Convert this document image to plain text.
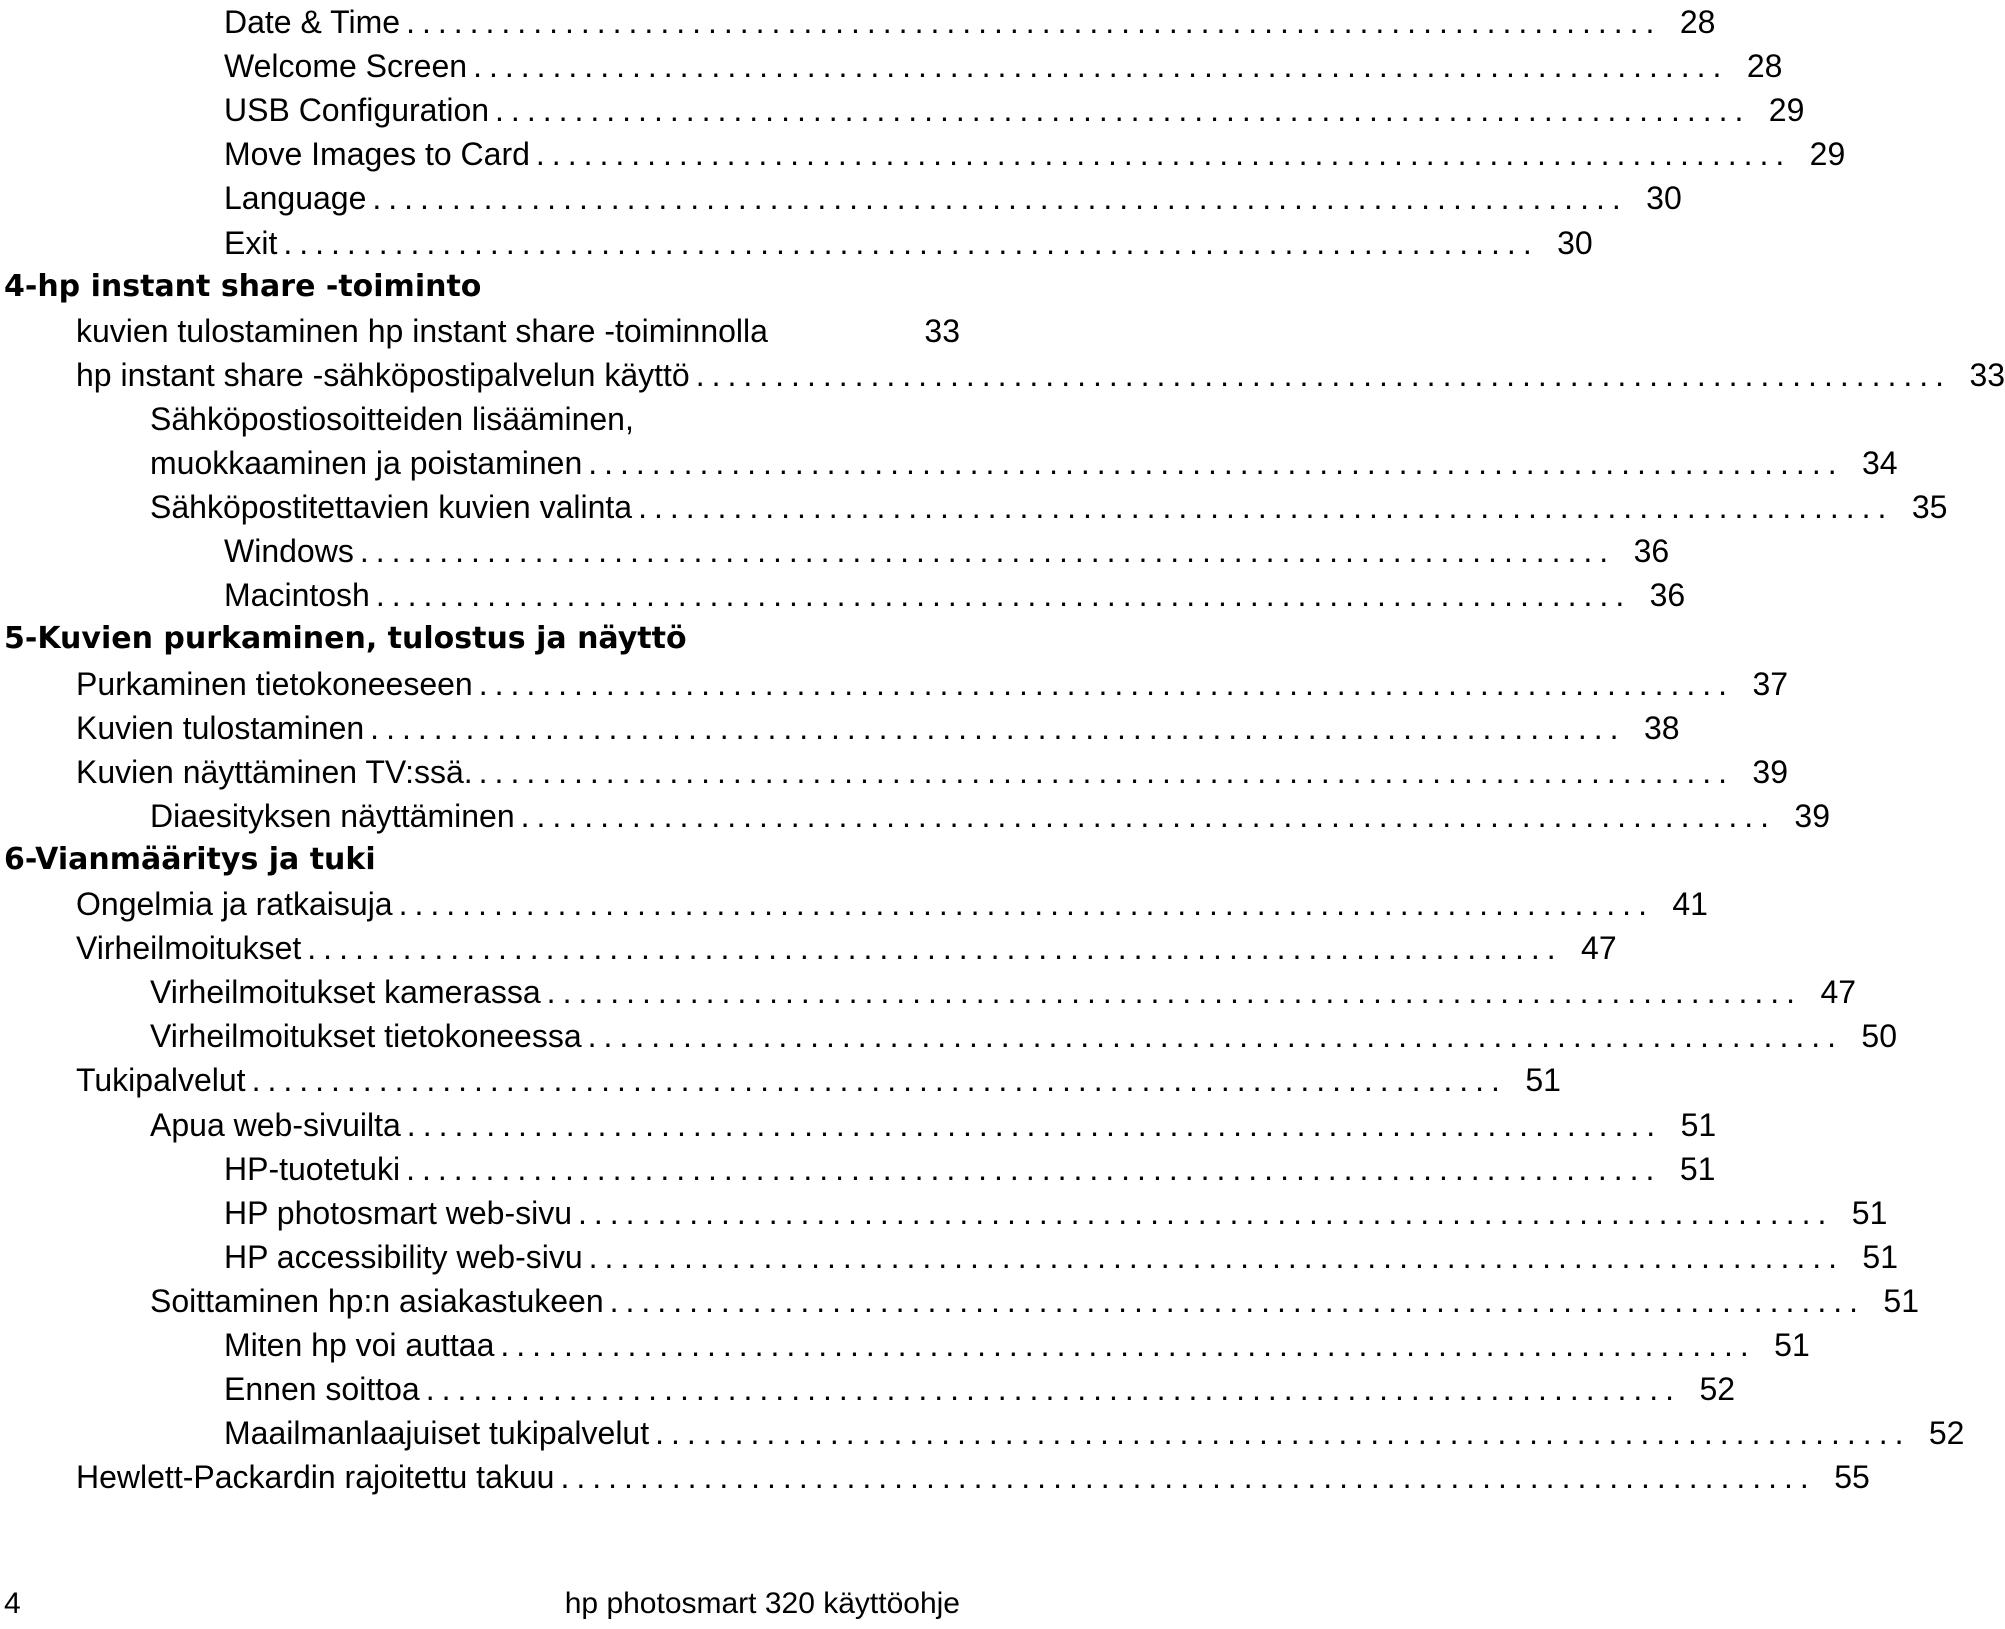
Date & Time ............................................................................... 28
Welcome Screen ............................................................................... 28
USB Configuration ............................................................................... 29
Move Images to Card ............................................................................... 29
Language ............................................................................... 30
Exit ............................................................................... 30
4-hp instant share -toiminto
kuvien tulostaminen hp instant share -toiminnolla	33
hp instant share -sähköpostipalvelun käyttö ............................................................................... 33
Sähköpostiosoitteiden lisääminen,
muokkaaminen ja poistaminen ............................................................................... 34
Sähköpostitettavien kuvien valinta ............................................................................... 35
Windows ............................................................................... 36
Macintosh ............................................................................... 36
5-Kuvien purkaminen, tulostus ja näyttö
Purkaminen tietokoneeseen ............................................................................... 37
Kuvien tulostaminen ............................................................................... 38
Kuvien näyttäminen TV:ssä. ............................................................................... 39
Diaesityksen näyttäminen ............................................................................... 39
6-Vianmääritys ja tuki
Ongelmia ja ratkaisuja ............................................................................... 41
Virheilmoitukset ............................................................................... 47
Virheilmoitukset kamerassa ............................................................................... 47
Virheilmoitukset tietokoneessa ............................................................................... 50
Tukipalvelut ............................................................................... 51
Apua web-sivuilta ............................................................................... 51
HP-tuotetuki ............................................................................... 51
HP photosmart web-sivu ............................................................................... 51
HP accessibility web-sivu ............................................................................... 51
Soittaminen hp:n asiakastukeen ............................................................................... 51
Miten hp voi auttaa ............................................................................... 51
Ennen soittoa ............................................................................... 52
Maailmanlaajuiset tukipalvelut ............................................................................... 52
Hewlett-Packardin rajoitettu takuu ............................................................................... 55
4	hp photosmart 320 käyttöohje
